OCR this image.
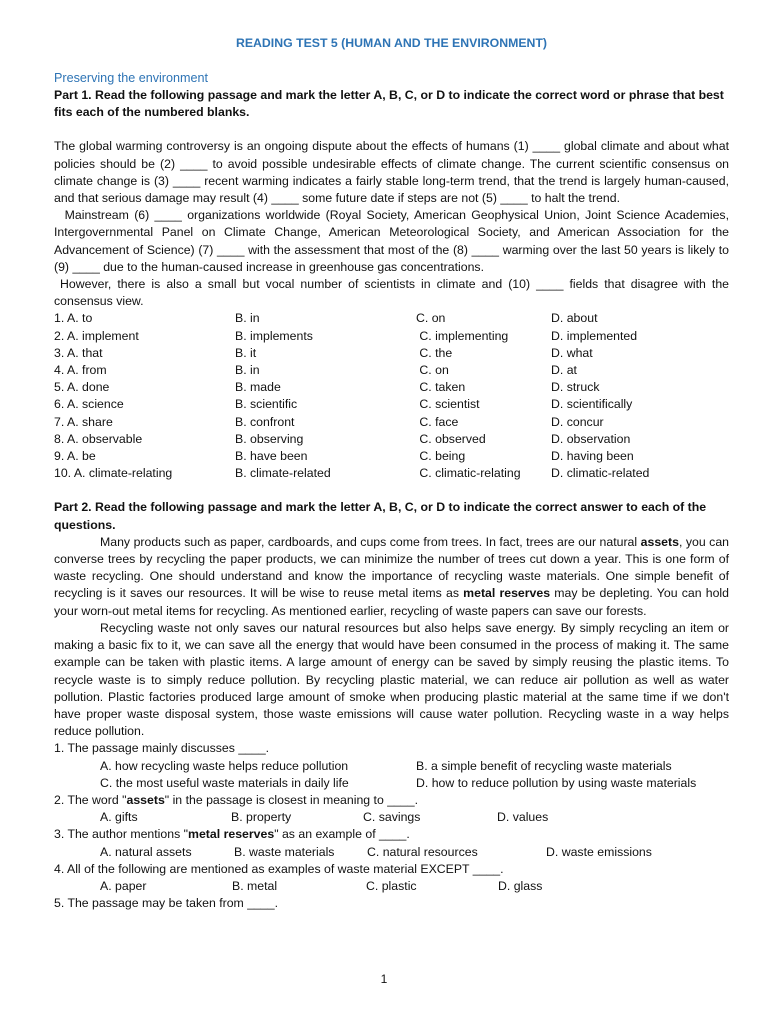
READING TEST 5 (HUMAN AND THE ENVIRONMENT)

Preserving the environment

Part 1. Read the following passage and mark the letter A, B, C, or D to indicate the correct word or phrase that best fits each of the numbered blanks.

The global warming controversy is an ongoing dispute about the effects of humans (1) ____ global climate and about what policies should be (2) ____ to avoid possible undesirable effects of climate change. The current scientific consensus on climate change is (3) ____ recent warming indicates a fairly stable long-term trend, that the trend is largely human-caused, and that serious damage may result (4) ____ some future date if steps are not (5) ____ to halt the trend.

Mainstream (6) ____ organizations worldwide (Royal Society, American Geophysical Union, Joint Science Academies, Intergovernmental Panel on Climate Change, American Meteorological Society, and American Association for the Advancement of Science) (7) ____ with the assessment that most of the (8) ____ warming over the last 50 years is likely to (9) ____ due to the human-caused increase in greenhouse gas concentrations.

However, there is also a small but vocal number of scientists in climate and (10) ____ fields that disagree with the consensus view.

1. A. to	B. in	C. on	D. about
2. A. implement	B. implements	C. implementing	D. implemented
3. A. that	B. it	C. the	D. what
4. A. from	B. in	C. on	D. at
5. A. done	B. made	C. taken	D. struck
6. A. science	B. scientific	C. scientist	D. scientifically
7. A. share	B. confront	C. face	D. concur
8. A. observable	B. observing	C. observed	D. observation
9. A. be	B. have been	C. being	D. having been
10. A. climate-relating	B. climate-related	C. climatic-relating	D. climatic-related

Part 2. Read the following passage and mark the letter A, B, C, or D to indicate the correct answer to each of the questions.

Many products such as paper, cardboards, and cups come from trees. In fact, trees are our natural assets, you can converse trees by recycling the paper products, we can minimize the number of trees cut down a year. This is one form of waste recycling. One should understand and know the importance of recycling waste materials. One simple benefit of recycling is it saves our resources. It will be wise to reuse metal items as metal reserves may be depleting. You can hold your worn-out metal items for recycling. As mentioned earlier, recycling of waste papers can save our forests.

Recycling waste not only saves our natural resources but also helps save energy. By simply recycling an item or making a basic fix to it, we can save all the energy that would have been consumed in the process of making it. The same example can be taken with plastic items. A large amount of energy can be saved by simply reusing the plastic items. To recycle waste is to simply reduce pollution. By recycling plastic material, we can reduce air pollution as well as water pollution. Plastic factories produced large amount of smoke when producing plastic material at the same time if we don't have proper waste disposal system, those waste emissions will cause water pollution. Recycling waste in a way helps reduce pollution.

1. The passage mainly discusses ____.

A. how recycling waste helps reduce pollution	B. a simple benefit of recycling waste materials
C. the most useful waste materials in daily life	D. how to reduce pollution by using waste materials

2. The word "assets" in the passage is closest in meaning to ____.

A. gifts	B. property	C. savings	D. values

3. The author mentions "metal reserves" as an example of ____.

A. natural assets	B. waste materials	C. natural resources	D. waste emissions

4. All of the following are mentioned as examples of waste material EXCEPT ____.

A. paper	B. metal	C. plastic	D. glass

5. The passage may be taken from ____.

1
